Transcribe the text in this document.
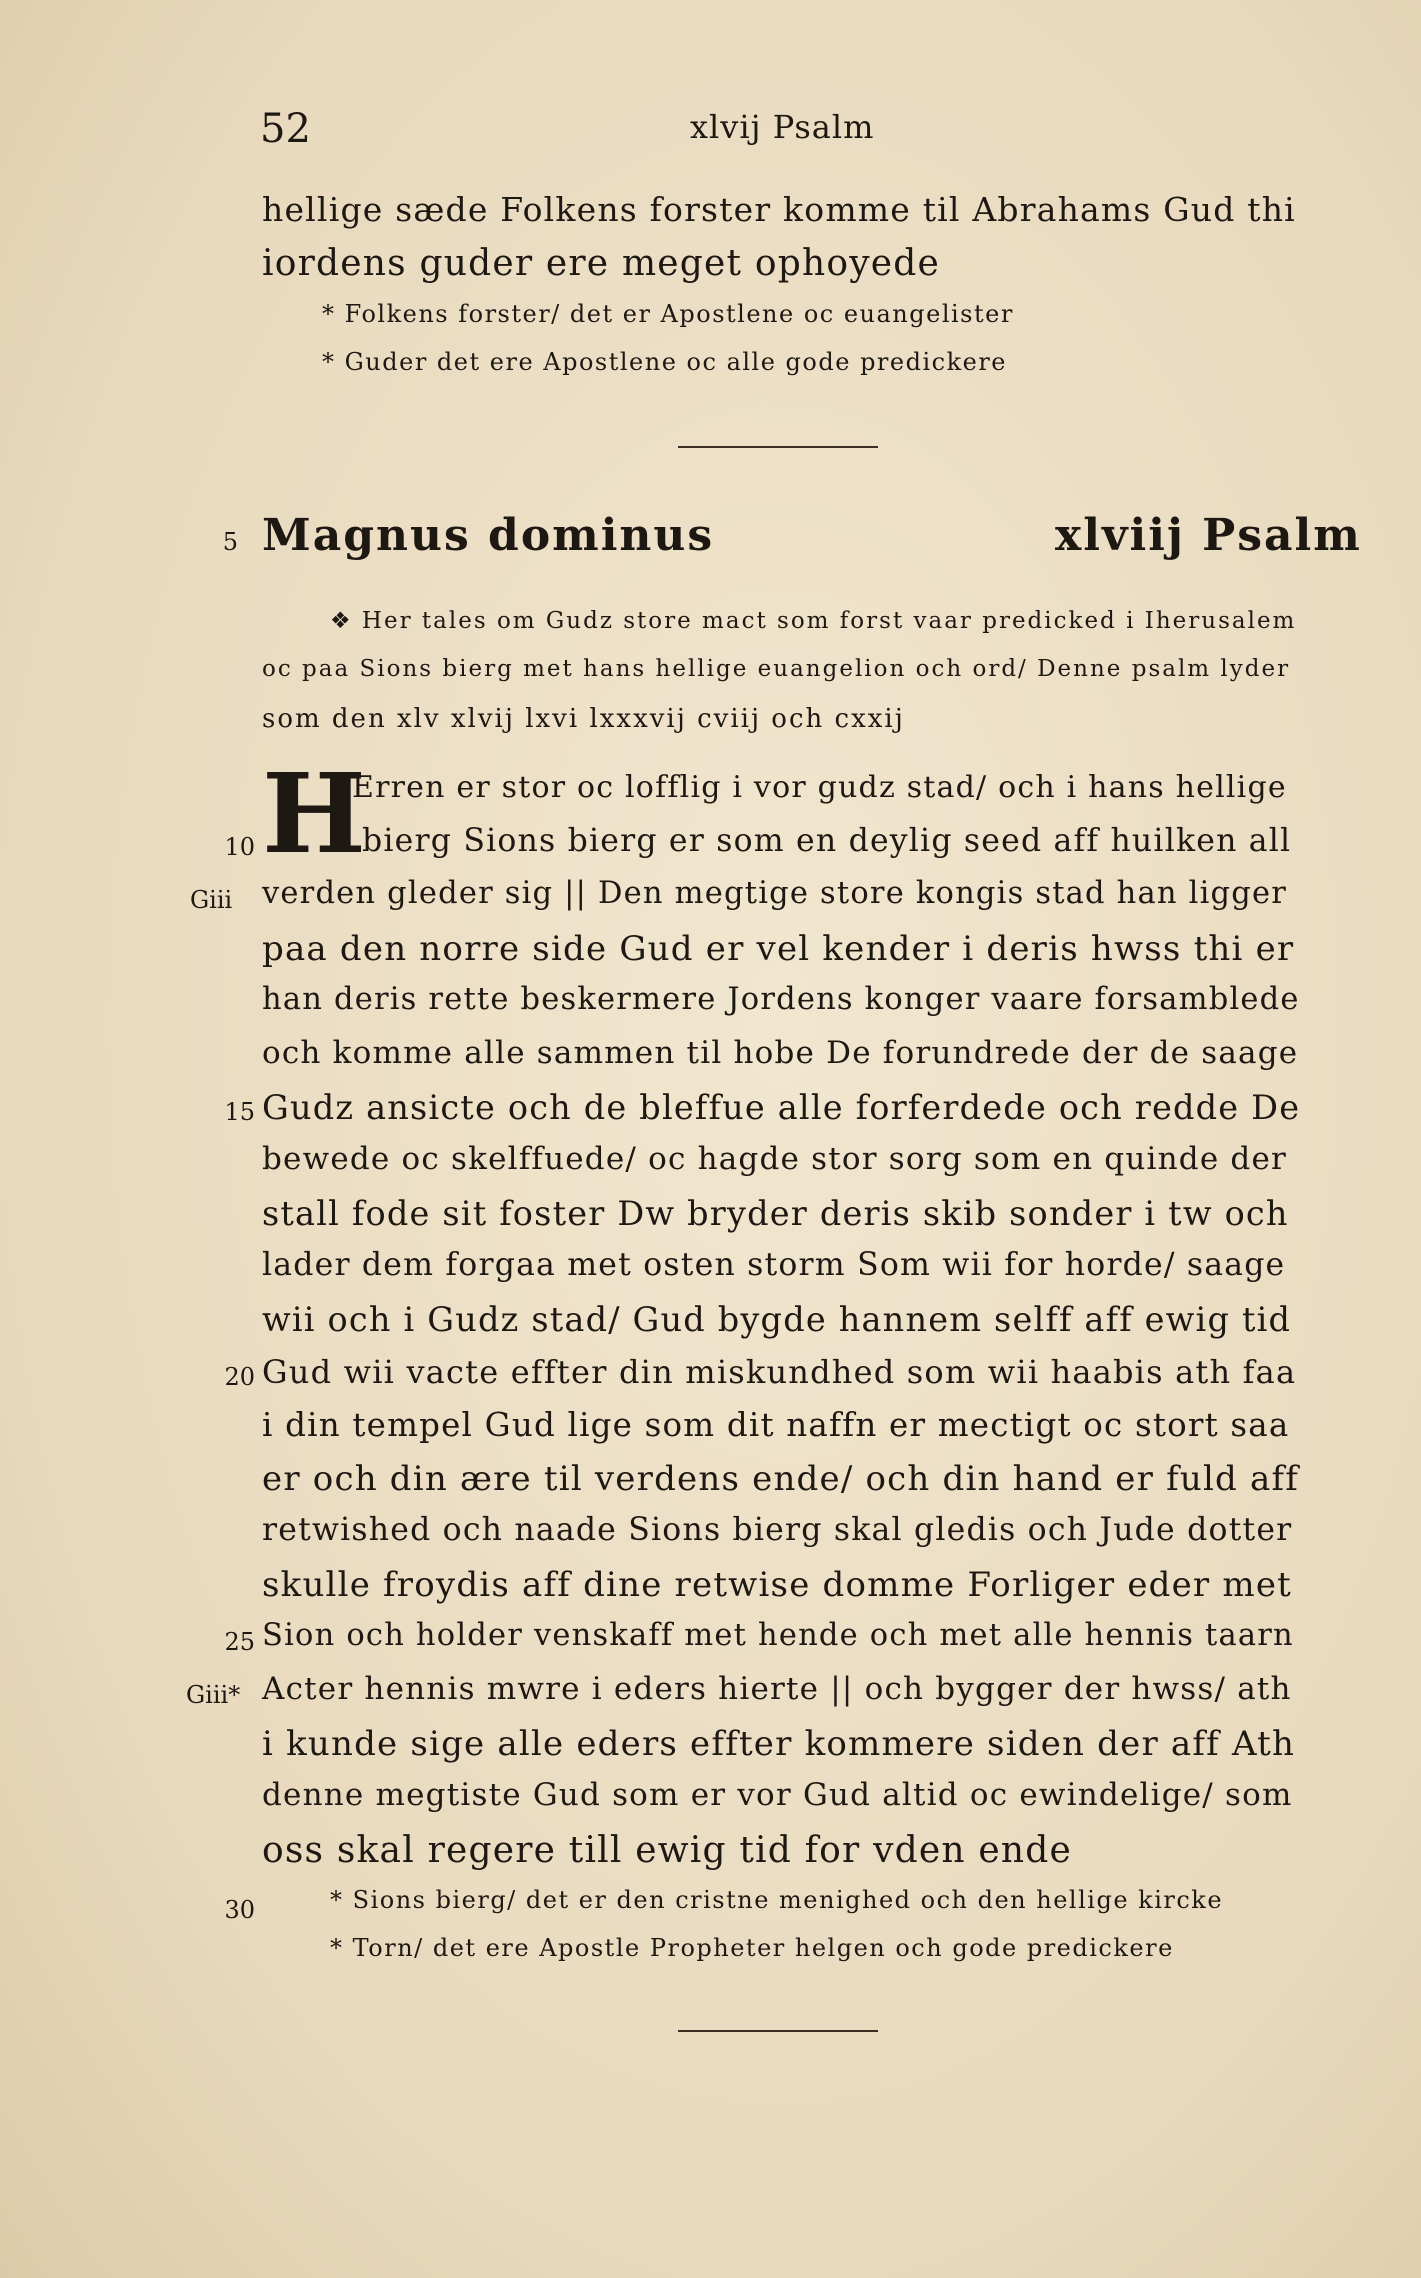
52	xlvij Psalm
hellige sæde Folkens forster komme til Abrahams Gud thi
iordens guder ere meget ophoyede
* Folkens forster/ det er Apostlene oc euangelister
* Guder det ere Apostlene oc alle gode predickere
5 Magnus dominus	xlviij Psalm
❖ Her tales om Gudz store mact som forst vaar predicked i Iherusalem
oc paa Sions bierg met hans hellige euangelion och ord/ Denne psalm lyder
som den xlv xlvij lxvi lxxxvij cviij och cxxij
H
Erren er stor oc lofflig i vor gudz stad/ och i hans hellige
bierg Sions bierg er som en deylig seed aff huilken all
verden gleder sig || Den megtige store kongis stad han ligger
paa den norre side Gud er vel kender i deris hwss thi er
han deris rette beskermere Jordens konger vaare forsamblede
och komme alle sammen til hobe De forundrede der de saage
Gudz ansicte och de bleffue alle forferdede och redde De
bewede oc skelffuede/ oc hagde stor sorg som en quinde der
stall fode sit foster Dw bryder deris skib sonder i tw och
lader dem forgaa met osten storm Som wii for horde/ saage
wii och i Gudz stad/ Gud bygde hannem selff aff ewig tid
Gud wii vacte effter din miskundhed som wii haabis ath faa
i din tempel Gud lige som dit naffn er mectigt oc stort saa
er och din ære til verdens ende/ och din hand er fuld aff
retwished och naade Sions bierg skal gledis och Jude dotter
skulle froydis aff dine retwise domme Forliger eder met
Sion och holder venskaff met hende och met alle hennis taarn
Acter hennis mwre i eders hierte || och bygger der hwss/ ath
i kunde sige alle eders effter kommere siden der aff Ath
denne megtiste Gud som er vor Gud altid oc ewindelige/ som
oss skal regere till ewig tid for vden ende
* Sions bierg/ det er den cristne menighed och den hellige kircke
* Torn/ det ere Apostle Propheter helgen och gode predickere
10
15
20
25
30
Giii
Giii*
